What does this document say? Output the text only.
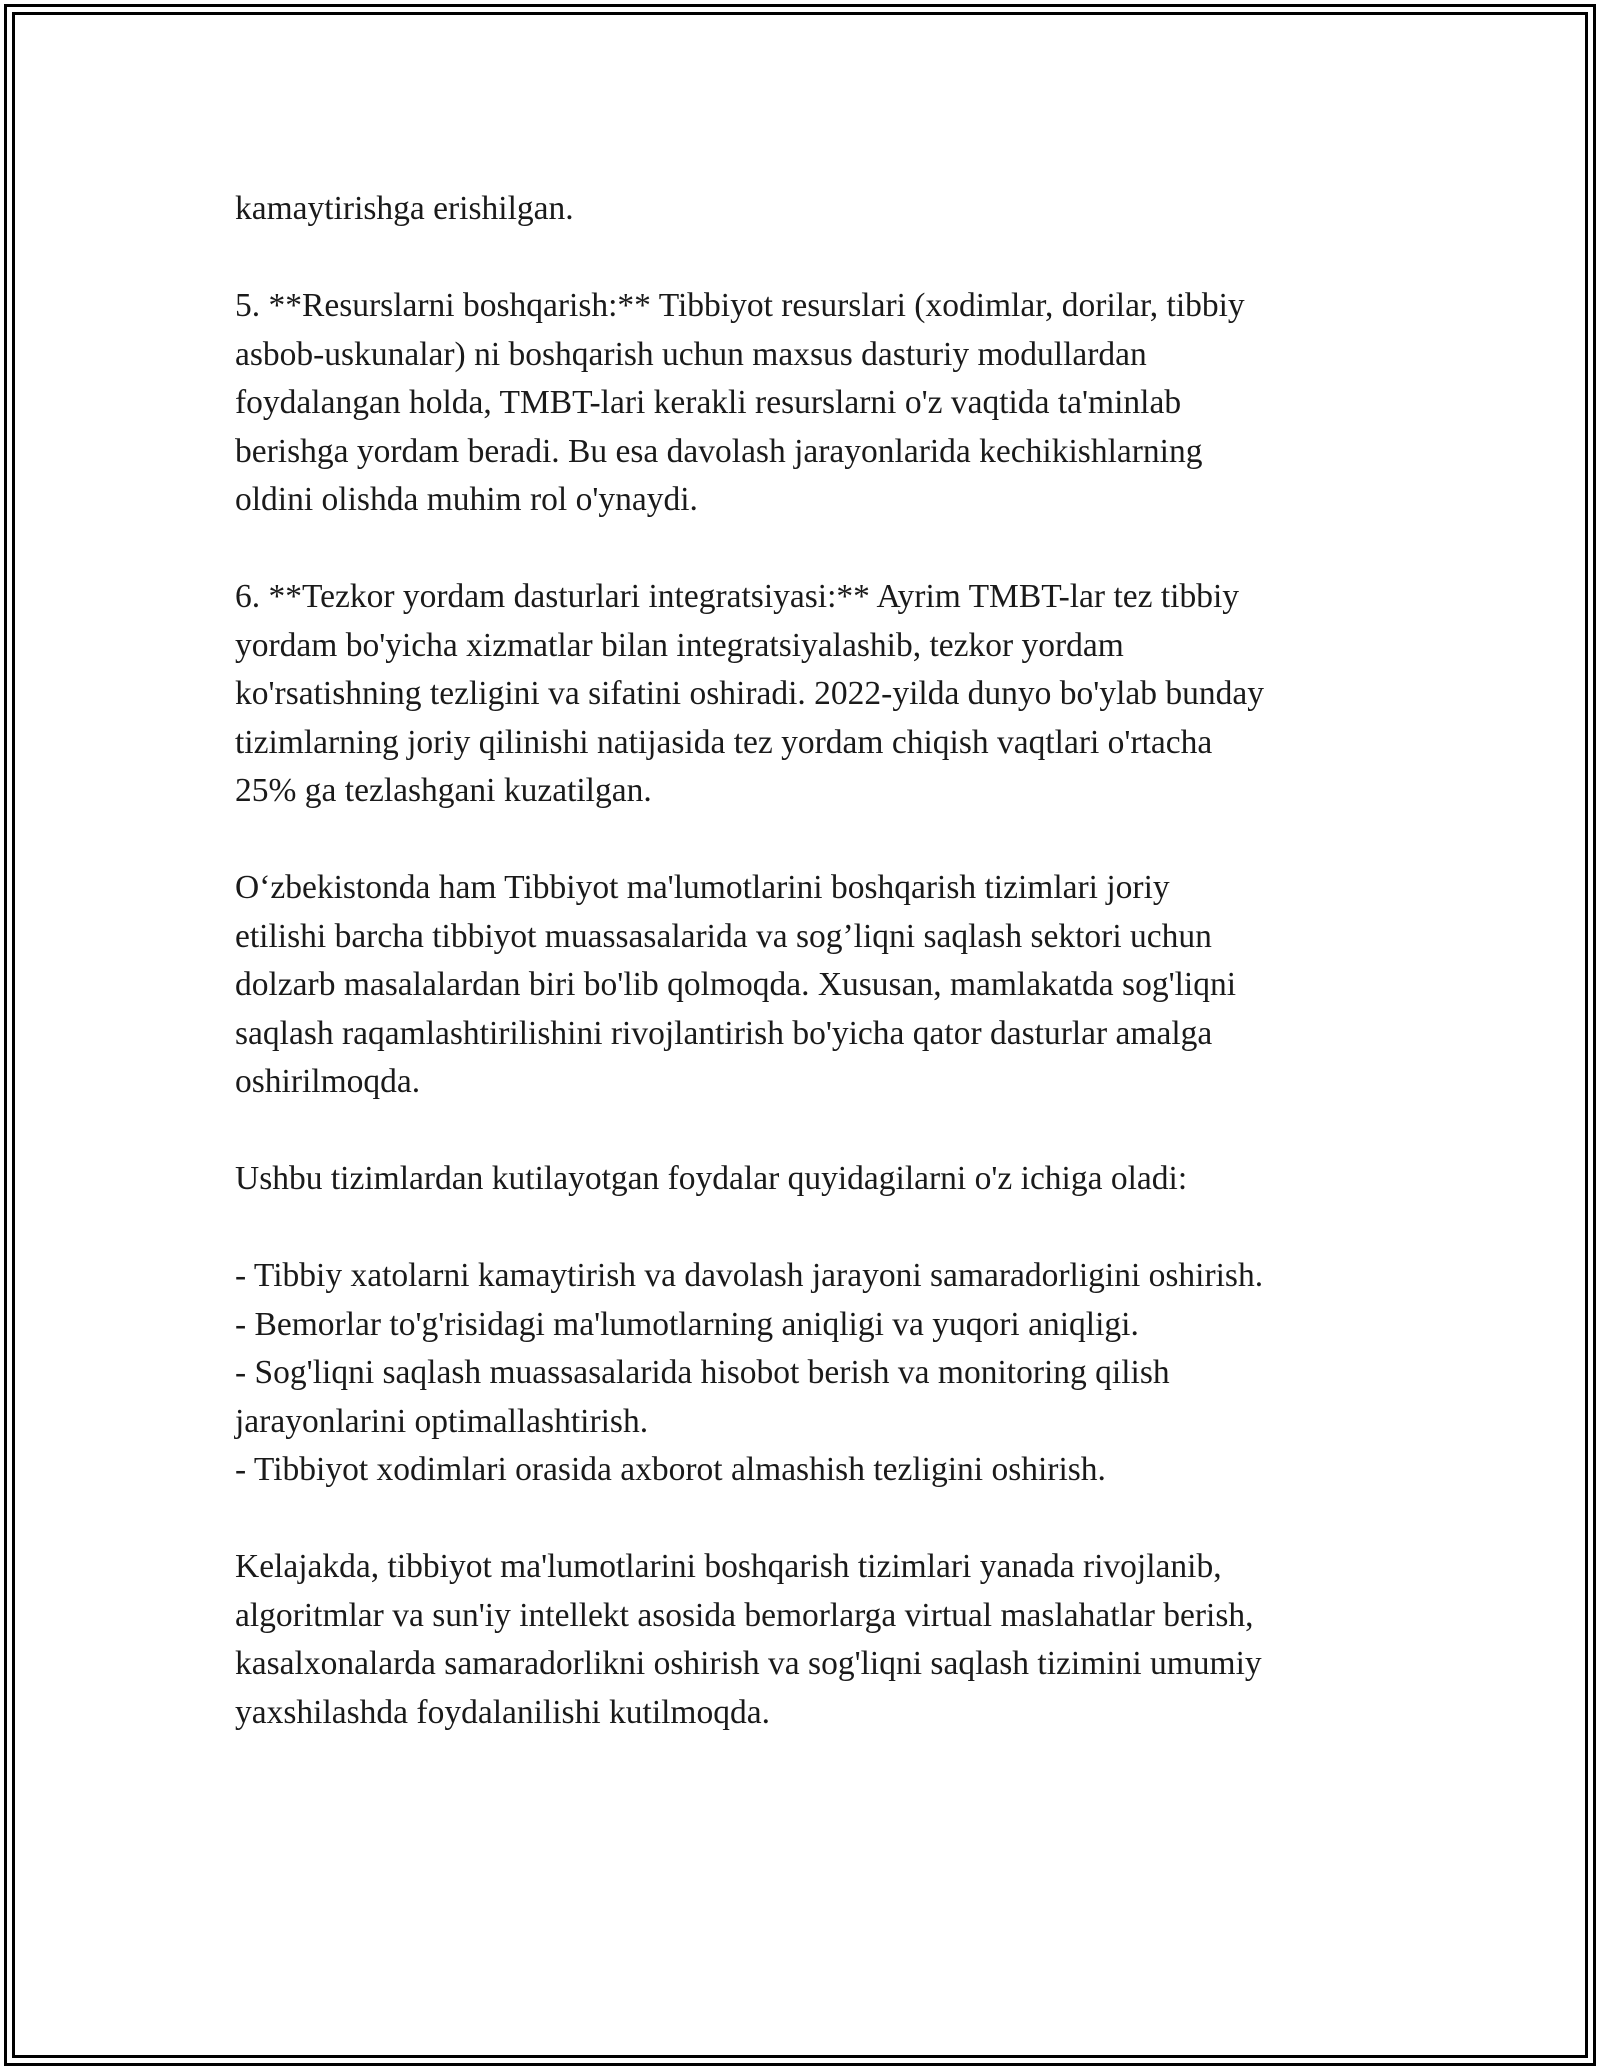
kamaytirishga erishilgan.

5. **Resurslarni boshqarish:** Tibbiyot resurslari (xodimlar, dorilar, tibbiy
asbob-uskunalar) ni boshqarish uchun maxsus dasturiy modullardan
foydalangan holda, TMBT-lari kerakli resurslarni o'z vaqtida ta'minlab
berishga yordam beradi. Bu esa davolash jarayonlarida kechikishlarning
oldini olishda muhim rol o'ynaydi.

6. **Tezkor yordam dasturlari integratsiyasi:** Ayrim TMBT-lar tez tibbiy
yordam bo'yicha xizmatlar bilan integratsiyalashib, tezkor yordam
ko'rsatishning tezligini va sifatini oshiradi. 2022-yilda dunyo bo'ylab bunday
tizimlarning joriy qilinishi natijasida tez yordam chiqish vaqtlari o'rtacha
25% ga tezlashgani kuzatilgan.

O‘zbekistonda ham Tibbiyot ma'lumotlarini boshqarish tizimlari joriy
etilishi barcha tibbiyot muassasalarida va sog’liqni saqlash sektori uchun
dolzarb masalalardan biri bo'lib qolmoqda. Xususan, mamlakatda sog'liqni
saqlash raqamlashtirilishini rivojlantirish bo'yicha qator dasturlar amalga
oshirilmoqda.

Ushbu tizimlardan kutilayotgan foydalar quyidagilarni o'z ichiga oladi:

- Tibbiy xatolarni kamaytirish va davolash jarayoni samaradorligini oshirish.
- Bemorlar to'g'risidagi ma'lumotlarning aniqligi va yuqori aniqligi.
- Sog'liqni saqlash muassasalarida hisobot berish va monitoring qilish
jarayonlarini optimallashtirish.
- Tibbiyot xodimlari orasida axborot almashish tezligini oshirish.

Kelajakda, tibbiyot ma'lumotlarini boshqarish tizimlari yanada rivojlanib,
algoritmlar va sun'iy intellekt asosida bemorlarga virtual maslahatlar berish,
kasalxonalarda samaradorlikni oshirish va sog'liqni saqlash tizimini umumiy
yaxshilashda foydalanilishi kutilmoqda.
